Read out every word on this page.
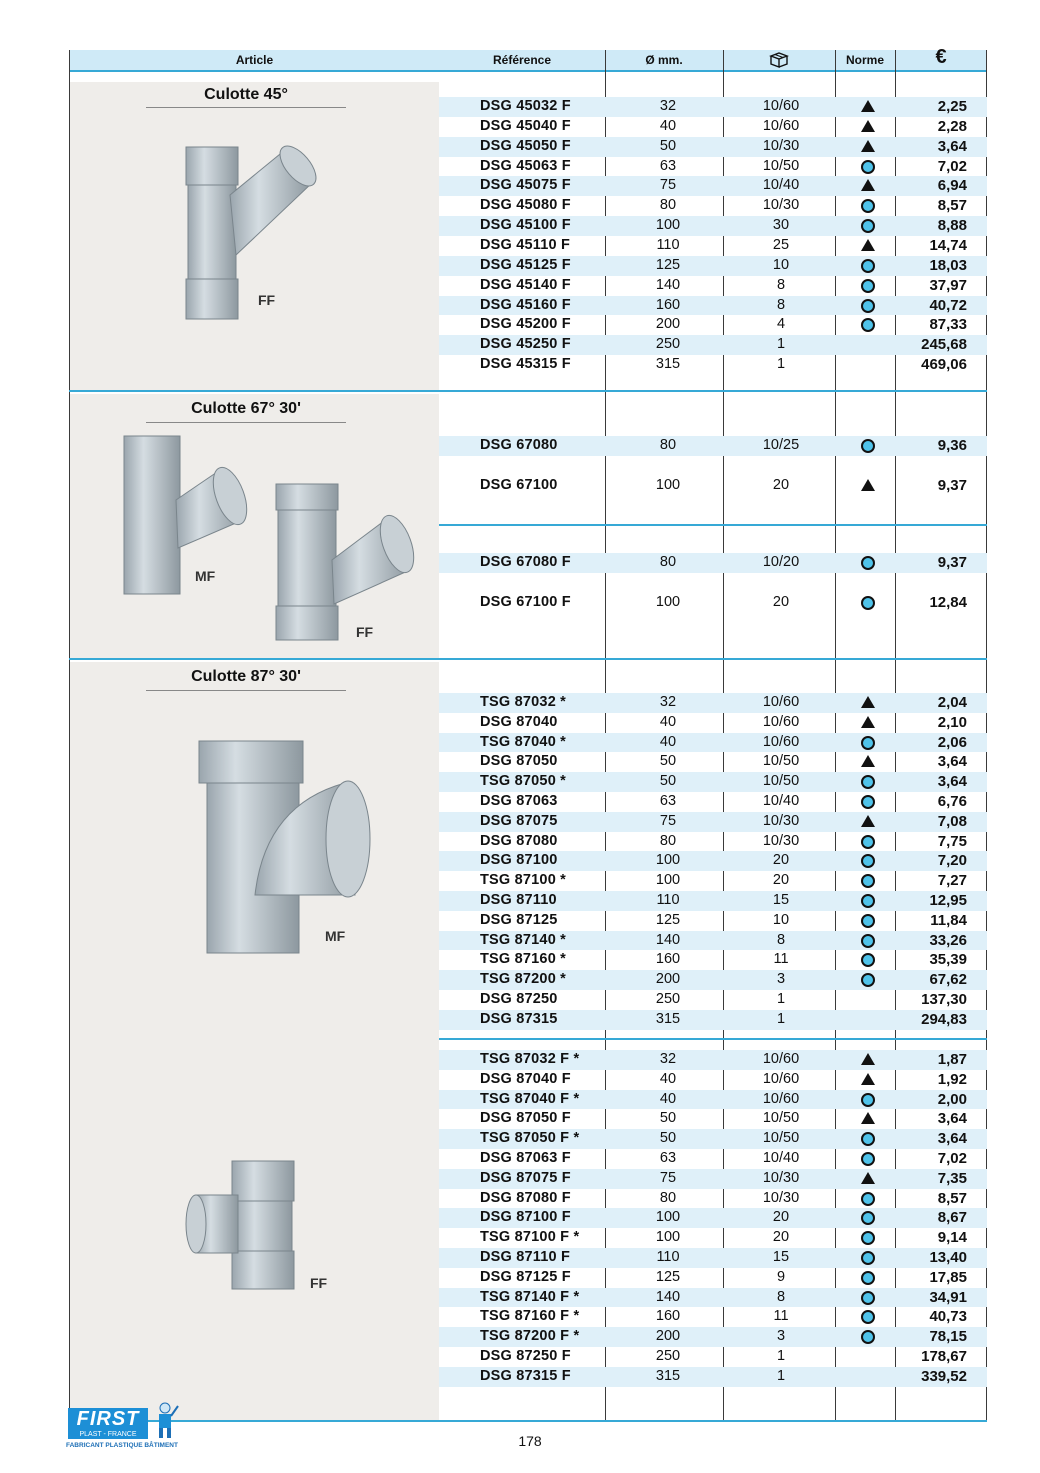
Article	Référence	Ø mm.	Norme	€
Culotte 45°
Culotte 67° 30'
Culotte 87° 30'
FF
MF
FF
MF
FF
DSG 45032 F	32	10/60	2,25
DSG 45040 F	40	10/60	2,28
DSG 45050 F	50	10/30	3,64
DSG 45063 F	63	10/50	7,02
DSG 45075 F	75	10/40	6,94
DSG 45080 F	80	10/30	8,57
DSG 45100 F	100	30	8,88
DSG 45110 F	110	25	14,74
DSG 45125 F	125	10	18,03
DSG 45140 F	140	8	37,97
DSG 45160 F	160	8	40,72
DSG 45200 F	200	4	87,33
DSG 45250 F	250	1	245,68
DSG 45315 F	315	1	469,06
DSG 67080	80	10/25	9,36
DSG 67100	100	20	9,37
DSG 67080 F	80	10/20	9,37
DSG 67100 F	100	20	12,84
TSG 87032 *	32	10/60	2,04
DSG 87040	40	10/60	2,10
TSG 87040 *	40	10/60	2,06
DSG 87050	50	10/50	3,64
TSG 87050 *	50	10/50	3,64
DSG 87063	63	10/40	6,76
DSG 87075	75	10/30	7,08
DSG 87080	80	10/30	7,75
DSG 87100	100	20	7,20
TSG 87100 *	100	20	7,27
DSG 87110	110	15	12,95
DSG 87125	125	10	11,84
TSG 87140 *	140	8	33,26
TSG 87160 *	160	11	35,39
TSG 87200 *	200	3	67,62
DSG 87250	250	1	137,30
DSG 87315	315	1	294,83
TSG 87032 F *	32	10/60	1,87
DSG 87040 F	40	10/60	1,92
TSG 87040 F *	40	10/60	2,00
DSG 87050 F	50	10/50	3,64
TSG 87050 F *	50	10/50	3,64
DSG 87063 F	63	10/40	7,02
DSG 87075 F	75	10/30	7,35
DSG 87080 F	80	10/30	8,57
DSG 87100 F	100	20	8,67
TSG 87100 F *	100	20	9,14
DSG 87110 F	110	15	13,40
DSG 87125 F	125	9	17,85
TSG 87140 F *	140	8	34,91
TSG 87160 F *	160	11	40,73
TSG 87200 F *	200	3	78,15
DSG 87250 F	250	1	178,67
DSG 87315 F	315	1	339,52
FIRST
PLAST - FRANCE
FABRICANT PLASTIQUE BÂTIMENT	178
